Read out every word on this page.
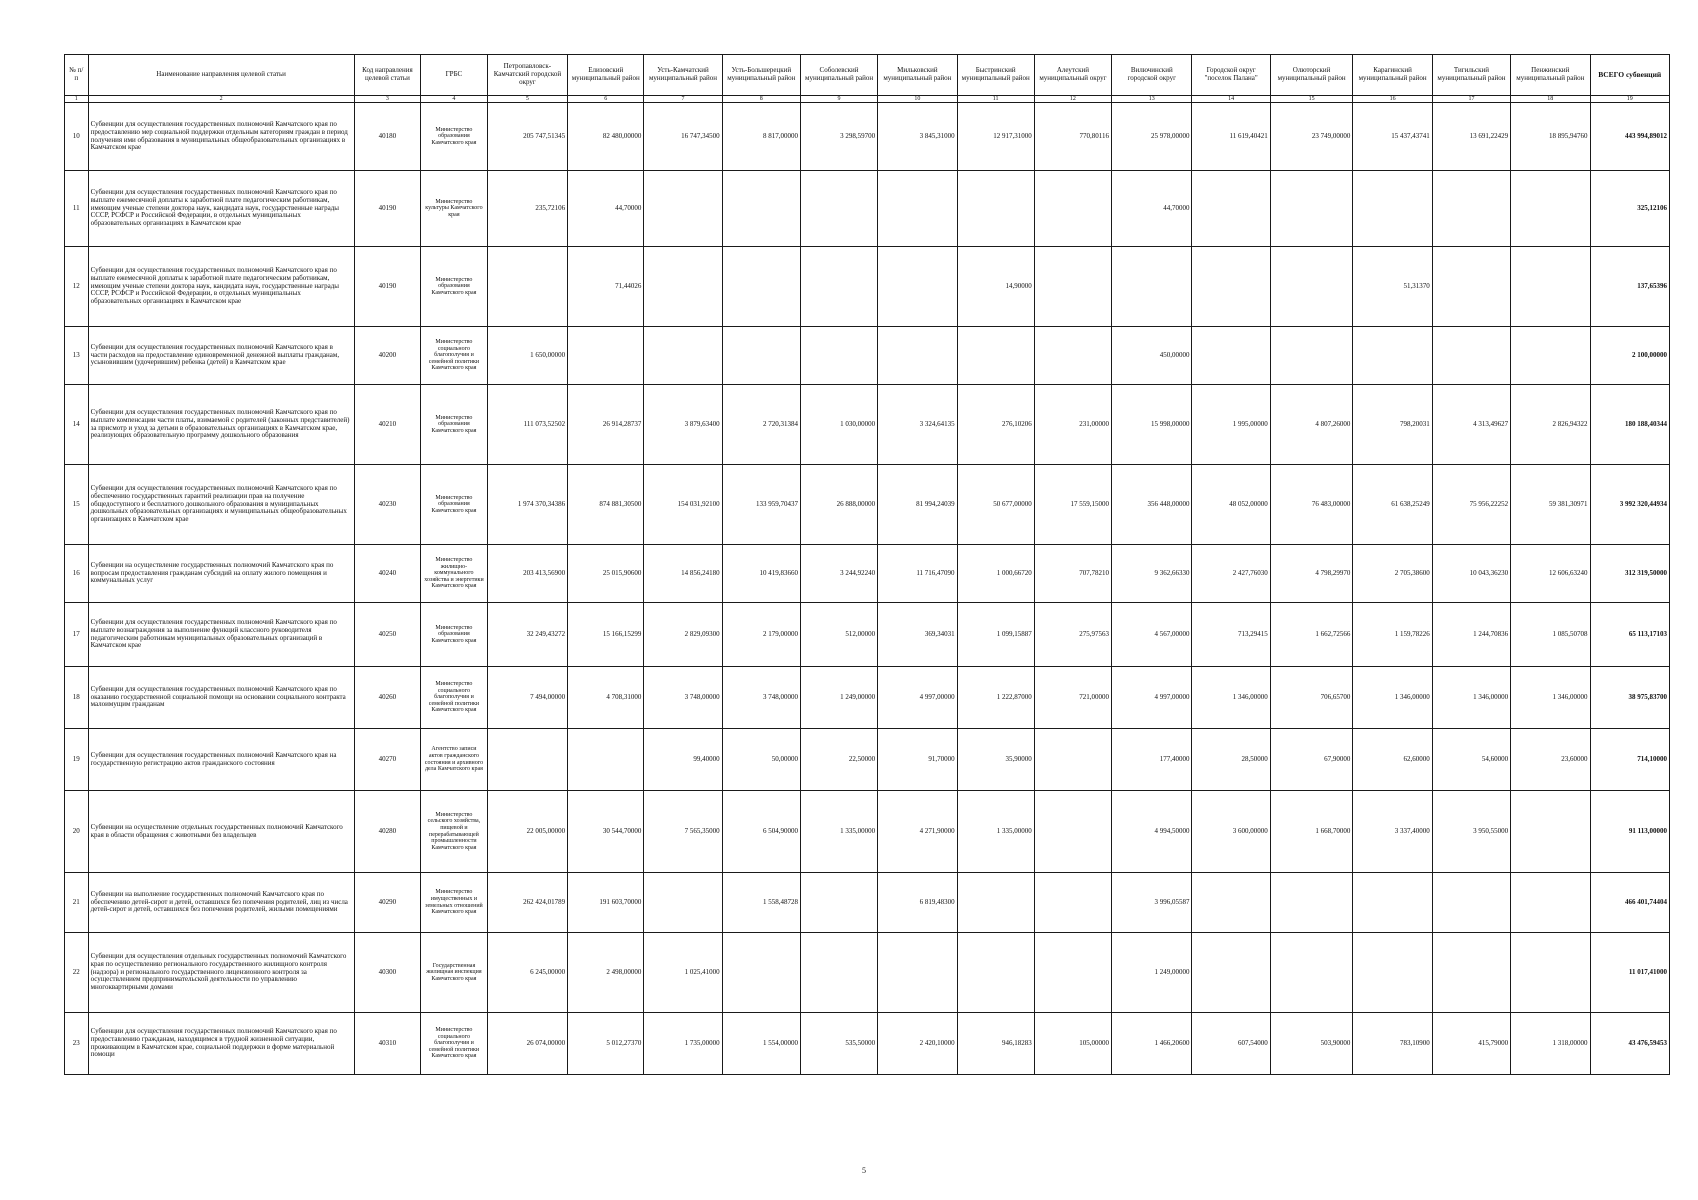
№ п/п	Наименование направления целевой статьи	Код направления целевой статьи	ГРБС	Петропавловск-Камчатский городской округ	Елизовский муниципальный район	Усть-Камчатский муниципальный район	Усть-Большерецкий муниципальный район	Соболевский муниципальный район	Мильковский муниципальный район	Быстринский муниципальный район	Алеутский муниципальный округ	Вилючинский городской округ	Городской округ "поселок Палана"	Олюторский муниципальный район	Карагинский муниципальный район	Тигильский муниципальный район	Пенжинский муниципальный район	ВСЕГО субвенций
1	2	3	4	5	6	7	8	9	10	11	12	13	14	15	16	17	18	19
10	Субвенции для осуществления государственных полномочий Камчатского края по предоставлению мер социальной поддержки отдельным категориям граждан в период получения ими образования в муниципальных общеобразовательных организациях в Камчатском крае	40180	Министерство образования Камчатского края	205 747,51345	82 480,00000	16 747,34500	8 817,00000	3 298,59700	3 845,31000	12 917,31000	770,80116	25 978,00000	11 619,40421	23 749,00000	15 437,43741	13 691,22429	18 895,94760	443 994,89012
11	Субвенции для осуществления государственных полномочий Камчатского края по выплате ежемесячной доплаты к заработной плате педагогическим работникам, имеющим ученые степени доктора наук, кандидата наук, государственные награды СССР, РСФСР и Российской Федерации, в отдельных муниципальных образовательных организациях в Камчатском крае	40190	Министерство культуры Камчатского края	235,72106	44,70000							44,70000						325,12106
12	Субвенции для осуществления государственных полномочий Камчатского края по выплате ежемесячной доплаты к заработной плате педагогическим работникам, имеющим ученые степени доктора наук, кандидата наук, государственные награды СССР, РСФСР и Российской Федерации, в отдельных муниципальных образовательных организациях в Камчатском крае	40190	Министерство образования Камчатского края		71,44026					14,90000					51,31370			137,65396
13	Субвенции для осуществления государственных полномочий Камчатского края в части расходов на предоставление единовременной денежной выплаты гражданам, усыновившим (удочерившим) ребенка (детей) в Камчатском крае	40200	Министерство социального благополучия и семейной политики Камчатского края	1 650,00000								450,00000						2 100,00000
14	Субвенции для осуществления государственных полномочий Камчатского края по выплате компенсации части платы, взимаемой с родителей (законных представителей) за присмотр и уход за детьми в образовательных организациях в Камчатском крае, реализующих образовательную программу дошкольного образования	40210	Министерство образования Камчатского края	111 073,52502	26 914,28737	3 879,63400	2 720,31384	1 030,00000	3 324,64135	276,10206	231,00000	15 998,00000	1 995,00000	4 807,26000	798,20031	4 313,49627	2 826,94322	180 188,40344
15	Субвенции для осуществления государственных полномочий Камчатского края по обеспечению государственных гарантий реализации прав на получение общедоступного и бесплатного дошкольного образования в муниципальных дошкольных образовательных организациях и муниципальных общеобразовательных организациях в Камчатском крае	40230	Министерство образования Камчатского края	1 974 370,34386	874 881,30500	154 031,92100	133 959,70437	26 888,00000	81 994,24039	50 677,00000	17 559,15000	356 448,00000	48 052,00000	76 483,00000	61 638,25249	75 956,22252	59 381,30971	3 992 320,44934
16	Субвенции на осуществление государственных полномочий Камчатского края по вопросам предоставления гражданам субсидий на оплату жилого помещения и коммунальных услуг	40240	Министерство жилищно-коммунального хозяйства и энергетики Камчатского края	203 413,56900	25 015,90600	14 856,24180	10 419,83660	3 244,92240	11 716,47090	1 000,66720	707,78210	9 362,66330	2 427,76030	4 798,29970	2 705,38600	10 043,36230	12 606,63240	312 319,50000
17	Субвенции для осуществления государственных полномочий Камчатского края по выплате вознаграждения за выполнение функций классного руководителя педагогическим работникам муниципальных образовательных организаций в Камчатском крае	40250	Министерство образования Камчатского края	32 249,43272	15 166,15299	2 829,09300	2 179,00000	512,00000	369,34031	1 099,15887	275,97563	4 567,00000	713,29415	1 662,72566	1 159,78226	1 244,70836	1 085,50708	65 113,17103
18	Субвенции для осуществления государственных полномочий Камчатского края по оказанию государственной социальной помощи на основании социального контракта малоимущим гражданам	40260	Министерство социального благополучия и семейной политики Камчатского края	7 494,00000	4 708,31000	3 748,00000	3 748,00000	1 249,00000	4 997,00000	1 222,87000	721,00000	4 997,00000	1 346,00000	706,65700	1 346,00000	1 346,00000	1 346,00000	38 975,83700
19	Субвенции для осуществления государственных полномочий Камчатского края на государственную регистрацию актов гражданского состояния	40270	Агентство записи актов гражданского состояния и архивного дела Камчатского края			99,40000	50,00000	22,50000	91,70000	35,90000		177,40000	28,50000	67,90000	62,60000	54,60000	23,60000	714,10000
20	Субвенции на осуществление отдельных государственных полномочий Камчатского края в области обращения с животными без владельцев	40280	Министерство сельского хозяйства, пищевой и перерабатывающей промышленности Камчатского края	22 005,00000	30 544,70000	7 565,35000	6 504,90000	1 335,00000	4 271,90000	1 335,00000		4 994,50000	3 600,00000	1 668,70000	3 337,40000	3 950,55000		91 113,00000
21	Субвенции на выполнение государственных полномочий Камчатского края по обеспечению детей-сирот и детей, оставшихся без попечения родителей, лиц из числа детей-сирот и детей, оставшихся без попечения родителей, жилыми помещениями	40290	Министерство имущественных и земельных отношений Камчатского края	262 424,01789	191 603,70000		1 558,48728		6 819,48300			3 996,05587						466 401,74404
22	Субвенции для осуществления отдельных государственных полномочий Камчатского края по осуществлению регионального государственного жилищного контроля (надзора) и регионального государственного лицензионного контроля за осуществлением предпринимательской деятельности по управлению многоквартирными домами	40300	Государственная жилищная инспекция Камчатского края	6 245,00000	2 498,00000	1 025,41000						1 249,00000						11 017,41000
23	Субвенции для осуществления государственных полномочий Камчатского края по предоставлению гражданам, находящимся в трудной жизненной ситуации, проживающим в Камчатском крае, социальной поддержки в форме материальной помощи	40310	Министерство социального благополучия и семейной политики Камчатского края	26 074,00000	5 012,27370	1 735,00000	1 554,00000	535,50000	2 420,10000	946,18283	105,00000	1 466,20600	607,54000	503,90000	783,10900	415,79000	1 318,00000	43 476,59453
5
